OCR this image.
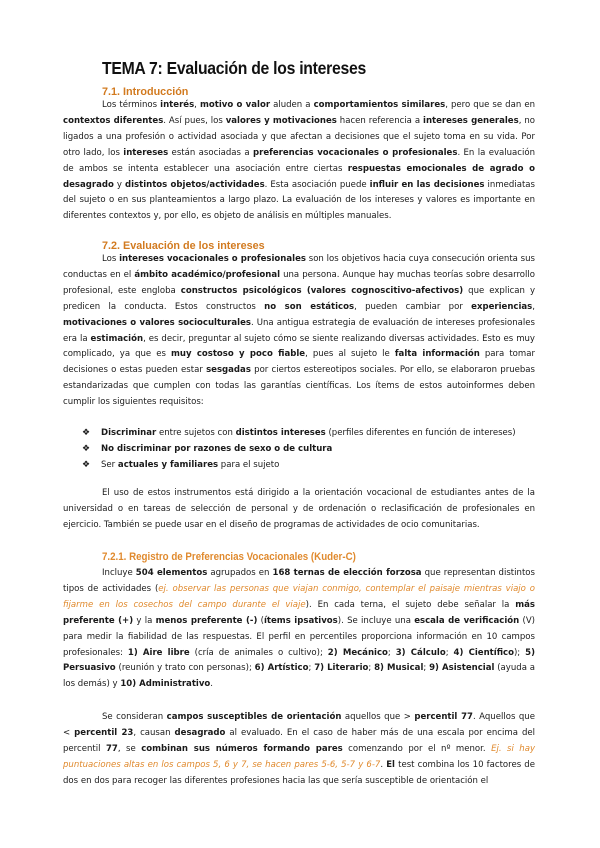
TEMA 7: Evaluación de los intereses
7.1. Introducción
Los términos interés, motivo o valor aluden a comportamientos similares, pero que se dan en contextos diferentes. Así pues, los valores y motivaciones hacen referencia a intereses generales, no ligados a una profesión o actividad asociada y que afectan a decisiones que el sujeto toma en su vida. Por otro lado, los intereses están asociadas a preferencias vocacionales o profesionales. En la evaluación de ambos se intenta establecer una asociación entre ciertas respuestas emocionales de agrado o desagrado y distintos objetos/actividades. Esta asociación puede influir en las decisiones inmediatas del sujeto o en sus planteamientos a largo plazo. La evaluación de los intereses y valores es importante en diferentes contextos y, por ello, es objeto de análisis en múltiples manuales.
7.2. Evaluación de los intereses
Los intereses vocacionales o profesionales son los objetivos hacia cuya consecución orienta sus conductas en el ámbito académico/profesional una persona. Aunque hay muchas teorías sobre desarrollo profesional, este engloba constructos psicológicos (valores cognoscitivo-afectivos) que explican y predicen la conducta. Estos constructos no son estáticos, pueden cambiar por experiencias, motivaciones o valores socioculturales. Una antigua estrategia de evaluación de intereses profesionales era la estimación, es decir, preguntar al sujeto cómo se siente realizando diversas actividades. Esto es muy complicado, ya que es muy costoso y poco fiable, pues al sujeto le falta información para tomar decisiones o estas pueden estar sesgadas por ciertos estereotipos sociales. Por ello, se elaboraron pruebas estandarizadas que cumplen con todas las garantías científicas. Los ítems de estos autoinformes deben cumplir los siguientes requisitos:
❖ Discriminar entre sujetos con distintos intereses (perfiles diferentes en función de intereses)
❖ No discriminar por razones de sexo o de cultura
❖ Ser actuales y familiares para el sujeto
El uso de estos instrumentos está dirigido a la orientación vocacional de estudiantes antes de la universidad o en tareas de selección de personal y de ordenación o reclasificación de profesionales en ejercicio. También se puede usar en el diseño de programas de actividades de ocio comunitarias.
7.2.1. Registro de Preferencias Vocacionales (Kuder-C)
Incluye 504 elementos agrupados en 168 ternas de elección forzosa que representan distintos tipos de actividades (ej. observar las personas que viajan conmigo, contemplar el paisaje mientras viajo o fijarme en los cosechos del campo durante el viaje). En cada terna, el sujeto debe señalar la más preferente (+) y la menos preferente (-) (ítems ipsativos). Se incluye una escala de verificación (V) para medir la fiabilidad de las respuestas. El perfil en percentiles proporciona información en 10 campos profesionales: 1) Aire libre (cría de animales o cultivo); 2) Mecánico; 3) Cálculo; 4) Científico); 5) Persuasivo (reunión y trato con personas); 6) Artístico; 7) Literario; 8) Musical; 9) Asistencial (ayuda a los demás) y 10) Administrativo.
Se consideran campos susceptibles de orientación aquellos que > percentil 77. Aquellos que < percentil 23, causan desagrado al evaluado. En el caso de haber más de una escala por encima del percentil 77, se combinan sus números formando pares comenzando por el nº menor. Ej. si hay puntuaciones altas en los campos 5, 6 y 7, se hacen pares 5-6, 5-7 y 6-7. El test combina los 10 factores de dos en dos para recoger las diferentes profesiones hacia las que sería susceptible de orientación el
